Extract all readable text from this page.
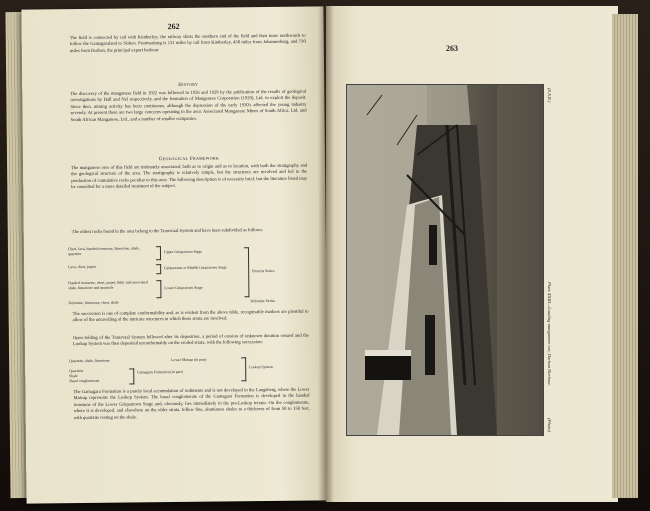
262

The field is connected by rail with Kimberley; the railway skirts the southern end of the field and then turns northwards to follow the Gamagaraland to Sishen. Postmasburg is 131 miles by rail from Kimberley, 438 miles from Johannesburg, and 730 miles from Durban, the principal export harbour.

History

The discovery of the manganese field in 1922 was followed in 1926 and 1929 by the publication of the results of geological investigations by Hall and Nel respectively, and the formation of Manganese Corporation (1929), Ltd. to exploit the deposit. Since then, mining activity has been continuous, although the depression of the early 1930's affected the young industry severely. At present there are two large concerns operating in the area: Associated Manganese Mines of South Africa, Ltd. and South African Manganese, Ltd., and a number of smaller companies.

Geological Framework

The manganese ores of this field are intimately associated, both as to origin and as to location, with both the stratigraphy and the geological structure of the area. The stratigraphy is relatively simple, but the structures are involved and led to the production of cumulative rocks peculiar to this area. The following description is of necessity brief, but the literature listed may be consulted for a more detailed treatment of the subject.

The oldest rocks found in the area belong to the Transvaal System and have been subdivided as follows:

Chert, lava, banded ironstone, limestone, shale, quartzite
Lava, chert, jasper
Banded ironstone, chert, jasper, lithic and associated shale, limestone and quartzite
Dolomite, limestone, chert, shale
Upper Griquatown Stage
Griquatown or Middle Griquatown Stage
Lower Griquatown Stage
Pretoria Series
Dolomite Series

The succession is one of complete conformability and, as is evident from the above table, recognisable markers are plentiful to allow of the unravelling of the intricate structures in which these strata are involved.

Open folding of the Transvaal System followed after its deposition, a period of erosion of unknown duration ensued and the Lookup System was then deposited unconformably on the eroded strata, with the following succession:

Quartzite, shale, limestone
Quartzite
Shale
Basal conglomerate
Lower Matsap (in part)
Gamagara Formation (in part)
Loskop System

The Gamagara Formation is a purely local accumulation of sediments and is not developed in the Langeberg, where the Lower Matsap represents the Loskop System. The basal conglomerate of the Gamagara Formation is developed in the banded ironstone of the Lower Griquatown Stage and, obviously, lies immediately in the pre-Loskop terrain. On the conglomerate, where it is developed, and elsewhere on the older strata, follow fine, aluminous shales to a thickness of from 50 to 150 feet, with quartzite resting on the shale.

263
Plate XXIII—Loading manganese ore, Durban Harbour.
(S.A.R.)
(Photo)
